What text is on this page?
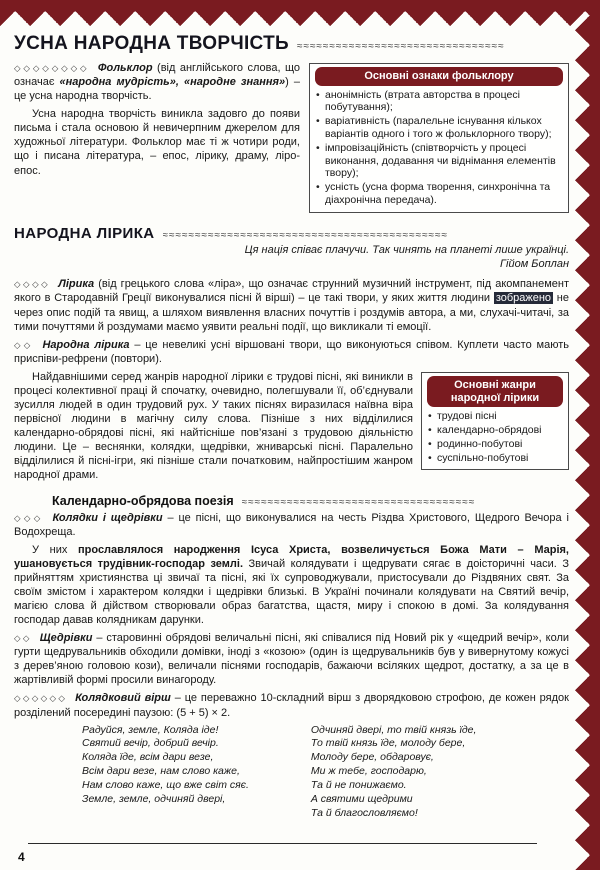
УСНА НАРОДНА ТВОРЧІСТЬ ≈≈≈≈≈≈≈≈≈≈≈≈≈≈≈≈≈≈≈≈≈≈≈≈≈≈≈≈≈≈≈≈
Основні ознаки фольклору
• анонімність (втрата авторства в процесі побутування);
• варіативність (паралельне існування кількох варіантів одного і того ж фольклорного твору);
• імпровізаційність (співтворчість у процесі виконання, додавання чи віднімання елементів твору);
• усність (усна форма творення, синхронічна та діахронічна передача).

◇◇◇◇◇◇◇◇ Фольклор (від англійського слова, що означає «народна мудрість», «народне знання») – це усна народна творчість.

Усна народна творчість виникла задовго до появи письма і стала основою й невичерпним джерелом для художньої літератури. Фольклор має ті ж чотири роди, що і писана література, – епос, лірику, драму, ліро-епос.

НАРОДНА ЛІРИКА ≈≈≈≈≈≈≈≈≈≈≈≈≈≈≈≈≈≈≈≈≈≈≈≈≈≈≈≈≈≈≈≈≈≈≈≈≈≈≈≈≈≈≈≈
Ця нація співає плачучи. Так чинять на планеті лише українці.
Гійом Боплан

◇◇◇◇ Лірика (від грецького слова «ліра», що означає струнний музичний інструмент, під акомпанемент якого в Стародавній Греції виконувалися пісні й вірші) – це такі твори, у яких життя людини зображено не через опис подій та явищ, а шляхом виявлення власних почуттів і роздумів автора, а ми, слухачі-читачі, за тими почуттями й роздумами маємо уявити реальні події, що викликали ті емоції.

◇◇ Народна лірика – це невеликі усні віршовані твори, що виконуються співом. Куплети часто мають приспіви-рефрени (повтори).

Основні жанри народної лірики
• трудові пісні
• календарно-обрядові
• родинно-побутові
• суспільно-побутові

Найдавнішими серед жанрів народної лірики є трудові пісні, які виникли в процесі колективної праці й спочатку, очевидно, полегшували її, об’єднували зусилля людей в один трудовий рух. У таких піснях виразилася наївна віра первісної людини в магічну силу слова. Пізніше з них відділилися календарно-обрядові пісні, які найтісніше пов’язані з трудовою діяльністю людини. Це – веснянки, колядки, щедрівки, жниварські пісні. Паралельно відділилися й пісні-ігри, які пізніше стали початковим, найпростішим жанром народної драми.

Календарно-обрядова поезія ≈≈≈≈≈≈≈≈≈≈≈≈≈≈≈≈≈≈≈≈≈≈≈≈≈≈≈≈≈≈≈≈≈≈≈≈

◇◇◇ Колядки і щедрівки – це пісні, що виконувалися на честь Різдва Христового, Щедрого Вечора і Водохреща.

У них прославлялося народження Ісуса Христа, возвеличується Божа Мати – Марія, ушановується трудівник-господар землі. Звичай колядувати і щедрувати сягає в доісторичні часи. З прийняттям християнства ці звичаї та пісні, які їх супроводжували, пристосували до Різдвяних свят. За своїм змістом і характером колядки і щедрівки близькі. В Україні починали колядувати на Святий вечір, магією слова й дійством створювали образ багатства, щастя, миру і спокою в домі. За колядування господар давав колядникам дарунки.

◇◇ Щедрівки – старовинні обрядові величальні пісні, які співалися під Новий рік у «щедрий вечір», коли гурти щедрувальників обходили домівки, іноді з «козою» (один із щедрувальників був у вивернутому кожусі з дерев’яною головою кози), величали піснями господарів, бажаючи всіляких щедрот, достатку, а за це в жартівливій формі просили винагороду.

◇◇◇◇◇◇ Колядковий вірш – це переважно 10-складний вірш з дворядковою строфою, де кожен рядок розділений посередині паузою: (5 + 5) × 2.

Радуйся, земле, Коляда іде!
Святий вечір, добрий вечір.
Коляда їде, всім дари везе,
Всім дари везе, нам слово каже,
Нам слово каже, що вже світ сяє.
Земле, земле, одчиняй двері,
Одчиняй двері, то твій князь їде,
То твій князь їде, молоду бере,
Молоду бере, обдаровує,
Ми ж тебе, господарю,
Та й не понижаємо.
А святими щедрими
Та й благословляємо!
4
